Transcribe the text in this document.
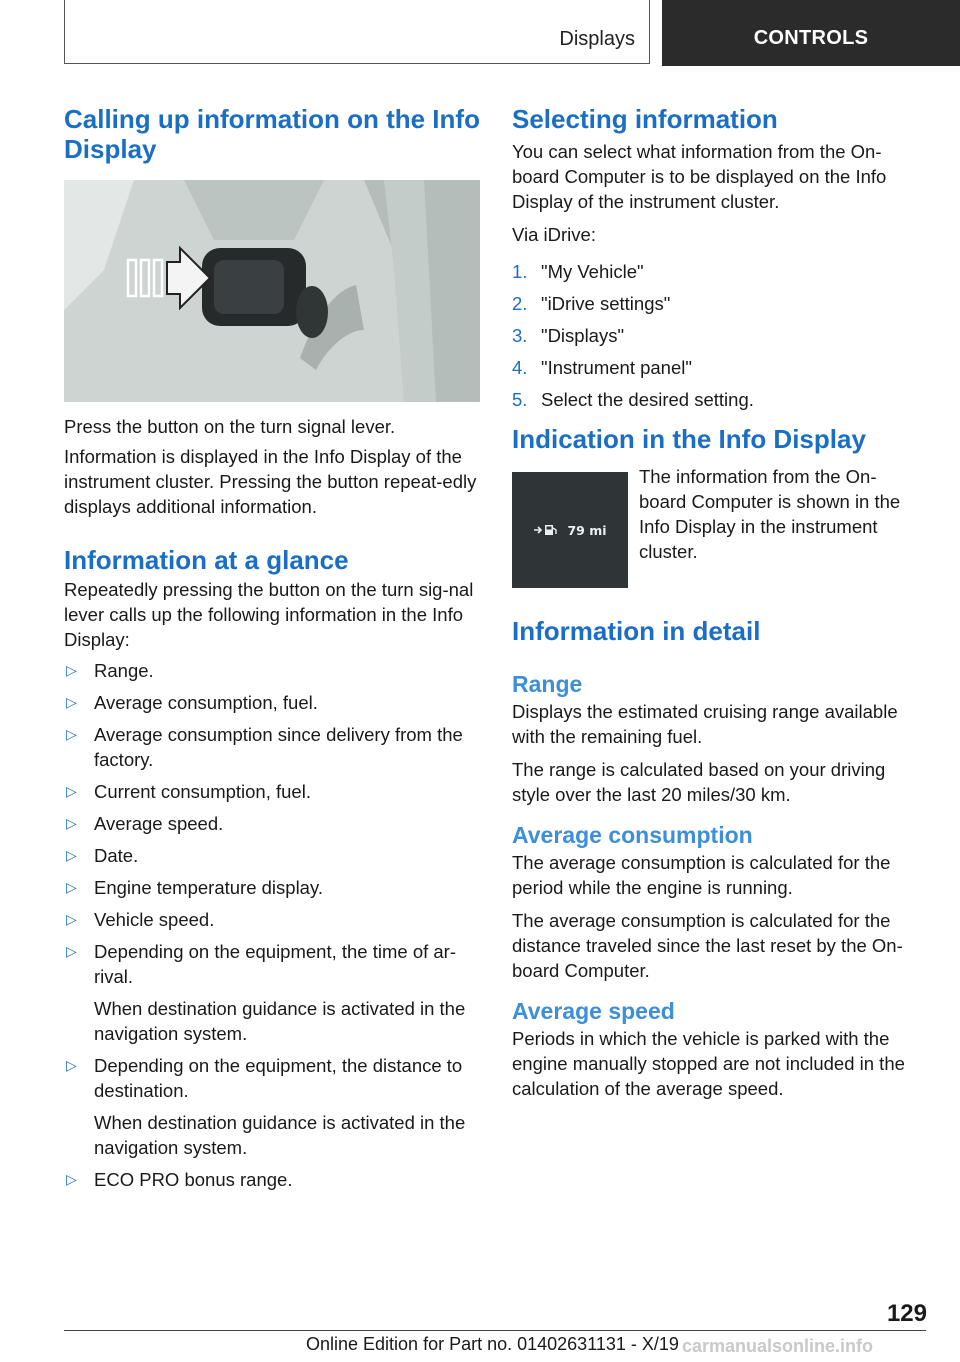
Displays	CONTROLS
Calling up information on the Info Display

Press the button on the turn signal lever.

Information is displayed in the Info Display of the instrument cluster. Pressing the button repeat-edly displays additional information.

Information at a glance

Repeatedly pressing the button on the turn sig-nal lever calls up the following information in the Info Display:

▷ Range.
▷ Average consumption, fuel.
▷ Average consumption since delivery from the factory.
▷ Current consumption, fuel.
▷ Average speed.
▷ Date.
▷ Engine temperature display.
▷ Vehicle speed.
▷ Depending on the equipment, the time of ar-rival.
When destination guidance is activated in the navigation system.
▷ Depending on the equipment, the distance to destination.
When destination guidance is activated in the navigation system.
▷ ECO PRO bonus range.
Selecting information

You can select what information from the On-board Computer is to be displayed on the Info Display of the instrument cluster.

Via iDrive:

1. "My Vehicle"
2. "iDrive settings"
3. "Displays"
4. "Instrument panel"
5. Select the desired setting.
Indication in the Info Display
79 mi

The information from the On-board Computer is shown in the Info Display in the instrument cluster.

Information in detail
Range

Displays the estimated cruising range available with the remaining fuel.

The range is calculated based on your driving style over the last 20 miles/30 km.

Average consumption

The average consumption is calculated for the period while the engine is running.

The average consumption is calculated for the distance traveled since the last reset by the On-board Computer.

Average speed

Periods in which the vehicle is parked with the engine manually stopped are not included in the calculation of the average speed.

129
Online Edition for Part no. 01402631131 - X/19 carmanualsonline.info
